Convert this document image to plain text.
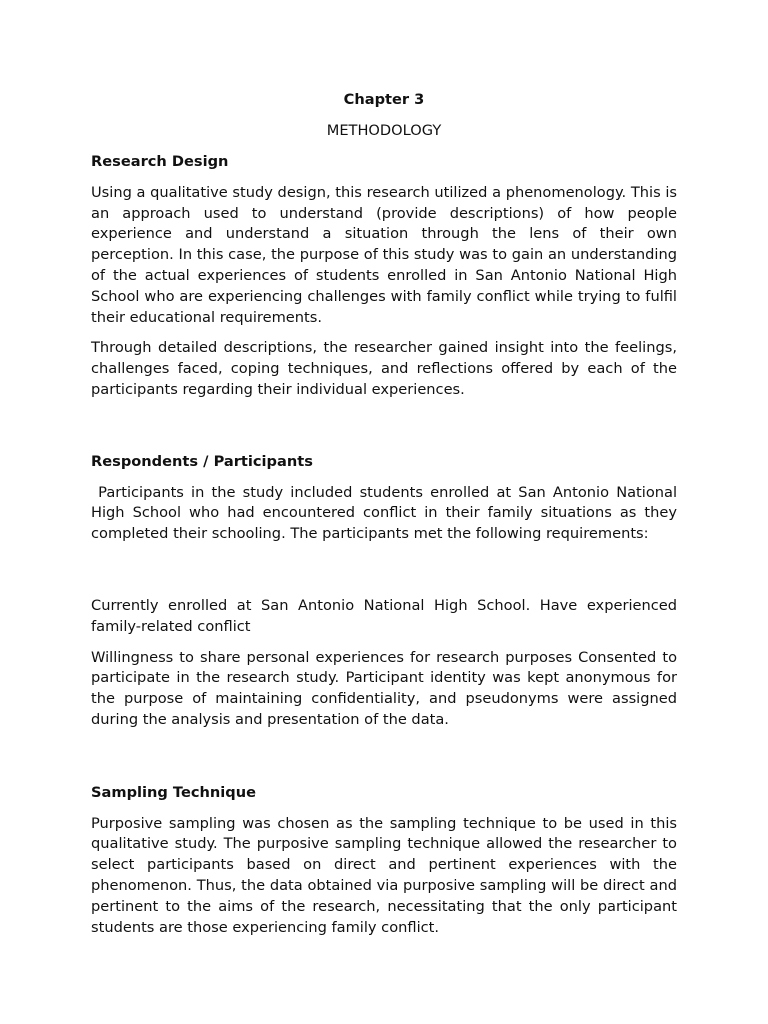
Chapter 3
METHODOLOGY
Research Design

Using a qualitative study design, this research utilized a phenomenology. This is an approach used to understand (provide descriptions) of how people experience and understand a situation through the lens of their own perception. In this case, the purpose of this study was to gain an understanding of the actual experiences of students enrolled in San Antonio National High School who are experiencing challenges with family conflict while trying to fulfil their educational requirements.

Through detailed descriptions, the researcher gained insight into the feelings, challenges faced, coping techniques, and reflections offered by each of the participants regarding their individual experiences.

Respondents / Participants

Participants in the study included students enrolled at San Antonio National High School who had encountered conflict in their family situations as they completed their schooling. The participants met the following requirements:

Currently enrolled at San Antonio National High School. Have experienced family-related conflict

Willingness to share personal experiences for research purposes Consented to participate in the research study. Participant identity was kept anonymous for the purpose of maintaining confidentiality, and pseudonyms were assigned during the analysis and presentation of the data.

Sampling Technique

Purposive sampling was chosen as the sampling technique to be used in this qualitative study. The purposive sampling technique allowed the researcher to select participants based on direct and pertinent experiences with the phenomenon. Thus, the data obtained via purposive sampling will be direct and pertinent to the aims of the research, necessitating that the only participant students are those experiencing family conflict.
